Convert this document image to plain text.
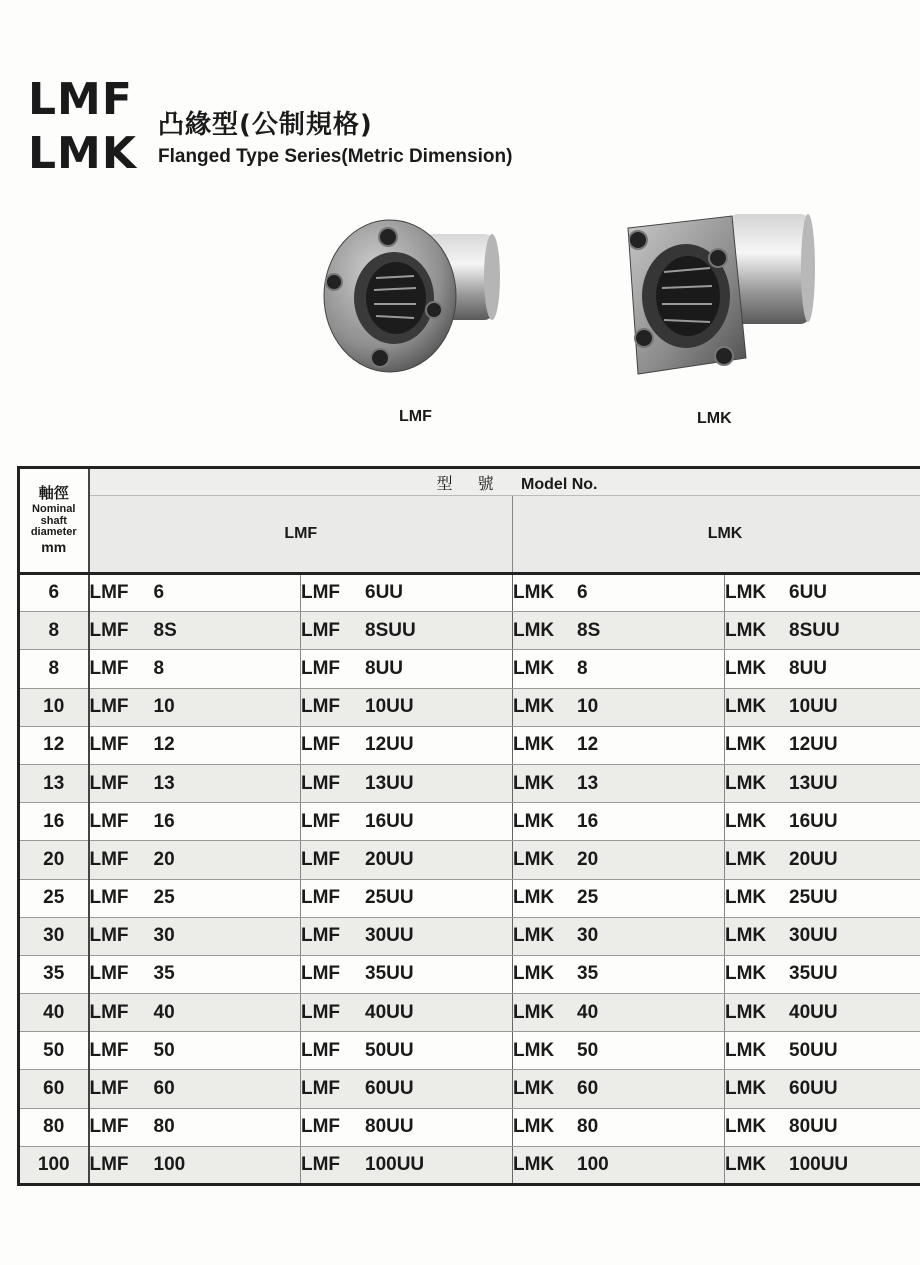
LMF
LMK
凸緣型(公制規格)
Flanged Type Series(Metric Dimension)
LMF	LMK
軸徑
Nominal
shaft
diameter
mm	型 號 Model No.			
	LMF		LMK	
6	LMF 6	LMF 6UU	LMK 6	LMK 6UU
8	LMF 8S	LMF 8SUU	LMK 8S	LMK 8SUU
8	LMF 8	LMF 8UU	LMK 8	LMK 8UU
10	LMF 10	LMF 10UU	LMK 10	LMK 10UU
12	LMF 12	LMF 12UU	LMK 12	LMK 12UU
13	LMF 13	LMF 13UU	LMK 13	LMK 13UU
16	LMF 16	LMF 16UU	LMK 16	LMK 16UU
20	LMF 20	LMF 20UU	LMK 20	LMK 20UU
25	LMF 25	LMF 25UU	LMK 25	LMK 25UU
30	LMF 30	LMF 30UU	LMK 30	LMK 30UU
35	LMF 35	LMF 35UU	LMK 35	LMK 35UU
40	LMF 40	LMF 40UU	LMK 40	LMK 40UU
50	LMF 50	LMF 50UU	LMK 50	LMK 50UU
60	LMF 60	LMF 60UU	LMK 60	LMK 60UU
80	LMF 80	LMF 80UU	LMK 80	LMK 80UU
100	LMF 100	LMF 100UU	LMK 100	LMK 100UU
